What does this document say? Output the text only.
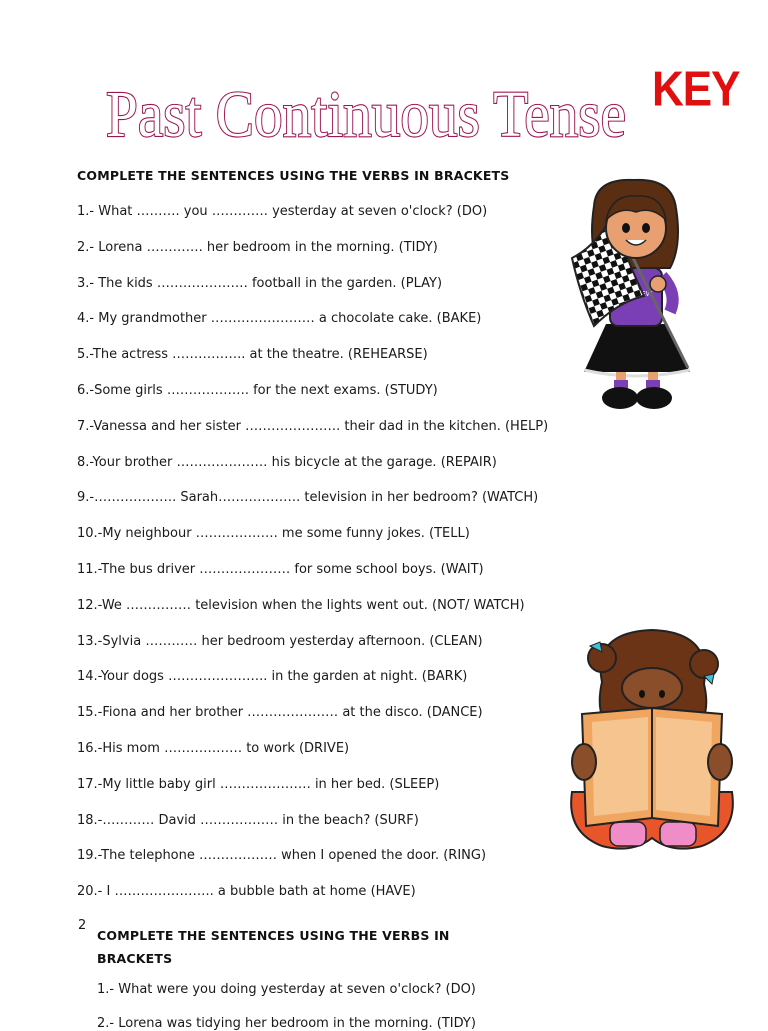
Past Continuous Tense KEY
COMPLETE THE SENTENCES USING THE VERBS IN BRACKETS
1.- What ………. you …………. yesterday at seven o'clock? (DO)
2.- Lorena …………. her bedroom in the morning. (TIDY)
3.- The kids ………………… football in the garden. (PLAY)
4.- My grandmother …………………… a chocolate cake. (BAKE)
5.-The actress …………….. at the theatre. (REHEARSE)
6.-Some girls ………………. for the next exams. (STUDY)
7.-Vanessa and her sister …………………. their dad in the kitchen. (HELP)
8.-Your brother ………………… his bicycle at the garage. (REPAIR)
9.-………………. Sarah………………. television in her bedroom? (WATCH)
10.-My neighbour ………………. me some funny jokes. (TELL)
11.-The bus driver ………………… for some school boys. (WAIT)
12.-We …………… television when the lights went out. (NOT/ WATCH)
13.-Sylvia ………… her bedroom yesterday afternoon. (CLEAN)
14.-Your dogs ………………….. in the garden at night. (BARK)
15.-Fiona and her brother ………………… at the disco. (DANCE)
16.-His mom ……………… to work (DRIVE)
17.-My little baby girl ………………… in her bed. (SLEEP)
18.-………… David ……………… in the beach? (SURF)
19.-The telephone ……………… when I opened the door. (RING)
20.- I ………………….. a bubble bath at home (HAVE)
2
COMPLETE THE SENTENCES USING THE VERBS IN BRACKETS
1.- What were you doing yesterday at seven o'clock? (DO)
2.- Lorena was tidying her bedroom in the morning. (TIDY)
